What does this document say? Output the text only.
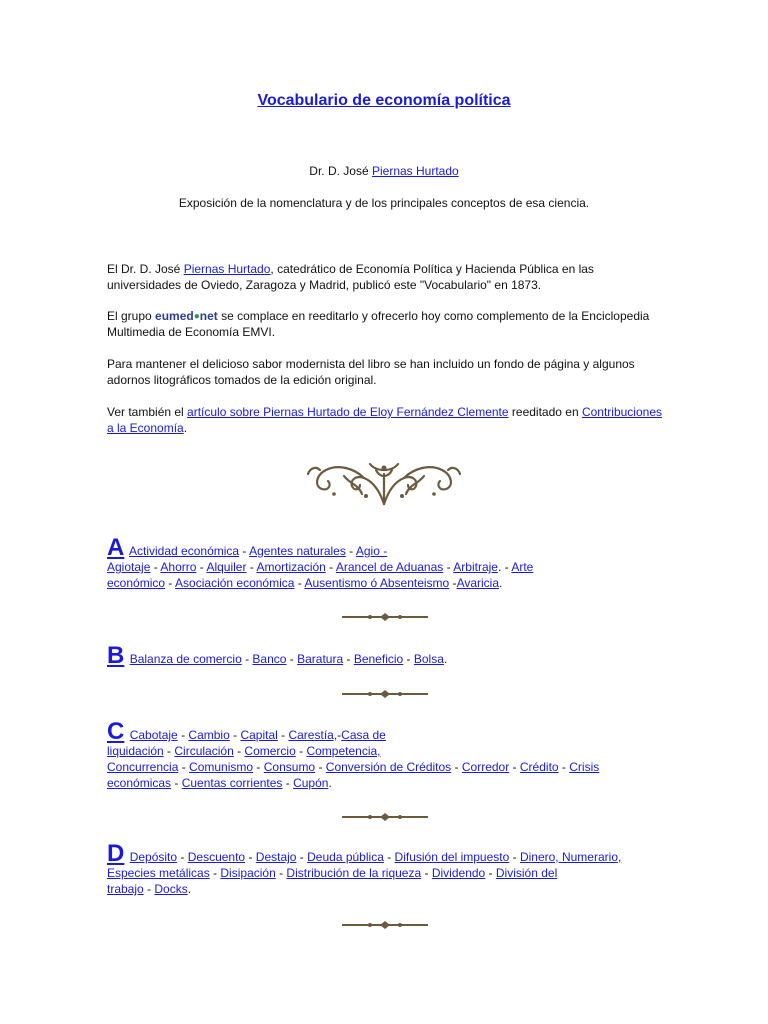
Vocabulario de economía política
Dr. D. José Piernas Hurtado
Exposición de la nomenclatura y de los principales conceptos de esa ciencia.
El Dr. D. José Piernas Hurtado, catedrático de Economía Política y Hacienda Pública en las universidades de Oviedo, Zaragoza y Madrid, publicó este "Vocabulario" en 1873.
El grupo eumed●net se complace en reeditarlo y ofrecerlo hoy como complemento de la Enciclopedia Multimedia de Economía EMVI.
Para mantener el delicioso sabor modernista del libro se han incluido un fondo de página y algunos adornos litográficos tomados de la edición original.
Ver también el artículo sobre Piernas Hurtado de Eloy Fernández Clemente reeditado en Contribuciones a la Economía.
A Actividad económica - Agentes naturales - Agio -
Agiotaje - Ahorro - Alquiler - Amortización - Arancel de Aduanas - Arbitraje. - Arte
económico - Asociación económica - Ausentismo ó Absenteismo -Avaricia.
B Balanza de comercio - Banco - Baratura - Beneficio - Bolsa.
C Cabotaje - Cambio - Capital - Carestía,-Casa de
liquidación - Circulación - Comercio - Competencia,
Concurrencia - Comunismo - Consumo - Conversión de Créditos - Corredor - Crédito - Crisis
económicas - Cuentas corrientes - Cupón.
D Depósito - Descuento - Destajo - Deuda pública - Difusión del impuesto - Dinero, Numerario,
Especies metálicas - Disipación - Distribución de la riqueza - Dividendo - División del
trabajo - Docks.
